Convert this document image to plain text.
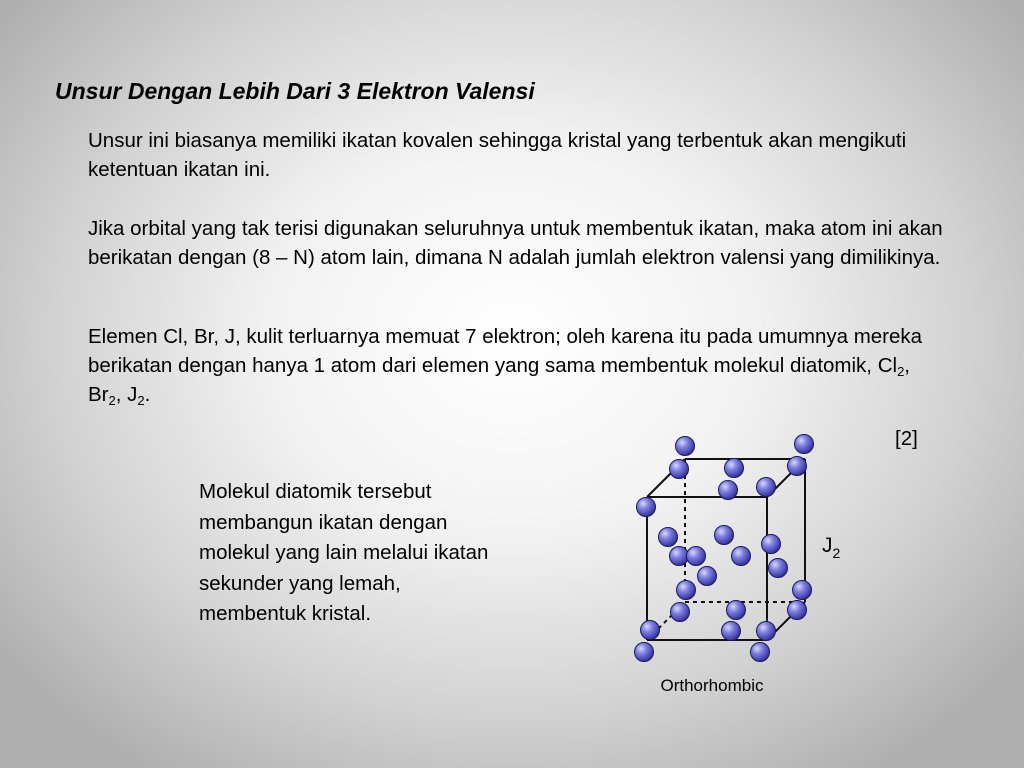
Unsur Dengan Lebih Dari 3 Elektron Valensi

Unsur ini biasanya memiliki ikatan kovalen sehingga kristal yang terbentuk akan mengikuti ketentuan ikatan ini.

Jika orbital yang tak terisi digunakan seluruhnya untuk membentuk ikatan, maka atom ini akan berikatan dengan (8 – N) atom lain, dimana N adalah jumlah elektron valensi yang dimilikinya.

Elemen Cl, Br, J, kulit terluarnya memuat 7 elektron; oleh karena itu pada umumnya mereka berikatan dengan hanya 1 atom dari elemen yang sama membentuk molekul diatomik, $Cl_2$, $Br_2$, $J_2$.

[2]

Molekul diatomik tersebut
membangun ikatan dengan
molekul yang lain melalui ikatan
sekunder yang lemah,
membentuk kristal.

J2
Orthorhombic
